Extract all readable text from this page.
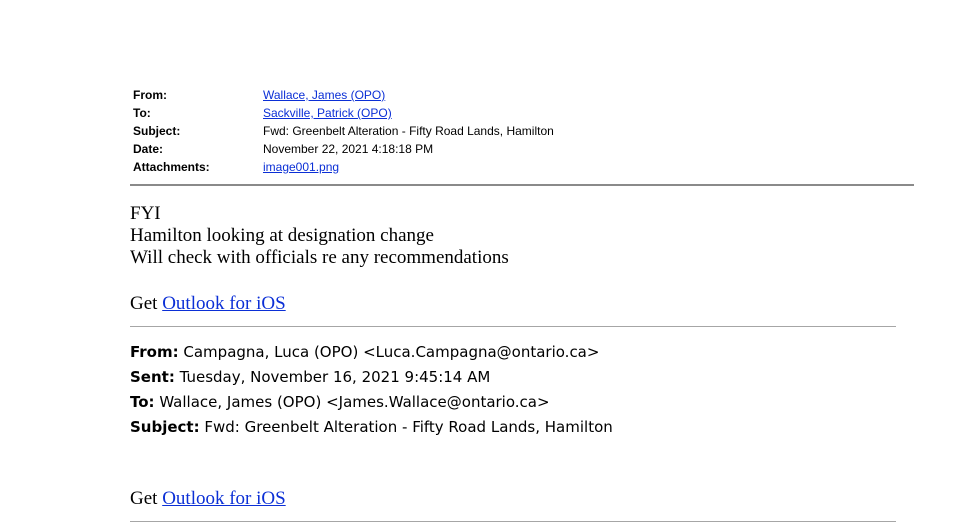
From:	Wallace, James (OPO)
To:	Sackville, Patrick (OPO)
Subject:	Fwd: Greenbelt Alteration - Fifty Road Lands, Hamilton
Date:	November 22, 2021 4:18:18 PM
Attachments:	image001.png
FYI
Hamilton looking at designation change
Will check with officials re any recommendations
Get Outlook for iOS
From: Campagna, Luca (OPO) <Luca.Campagna@ontario.ca>
Sent: Tuesday, November 16, 2021 9:45:14 AM
To: Wallace, James (OPO) <James.Wallace@ontario.ca>
Subject: Fwd: Greenbelt Alteration - Fifty Road Lands, Hamilton
Get Outlook for iOS
